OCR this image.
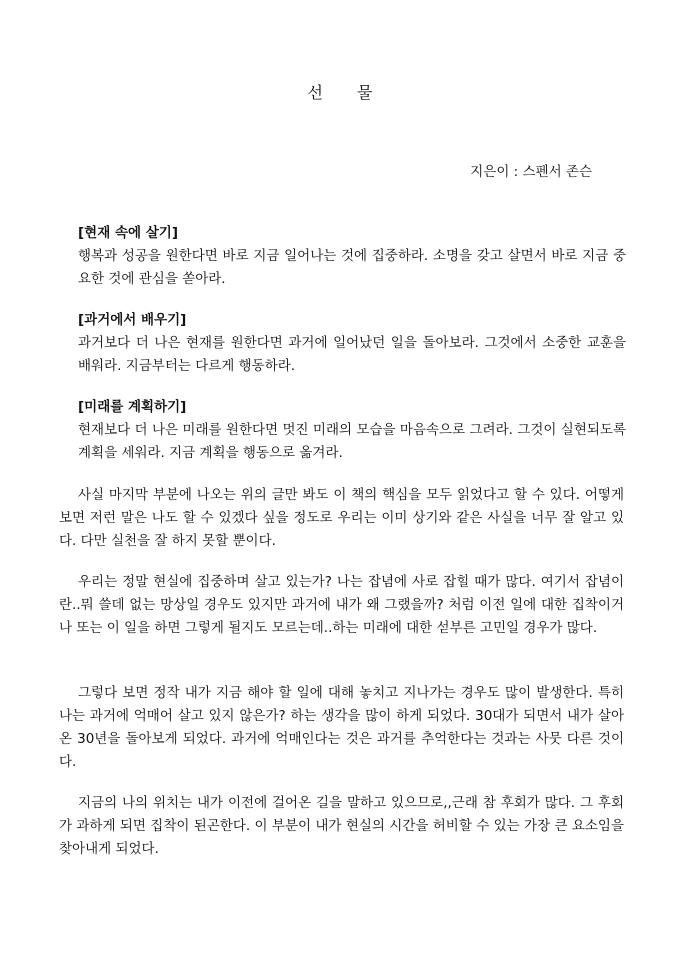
선 물
지은이 : 스펜서 존슨

[현재 속에 살기]

행복과 성공을 원한다면 바로 지금 일어나는 것에 집중하라. 소명을 갖고 살면서 바로 지금 중요한 것에 관심을 쏟아라.

[과거에서 배우기]

과거보다 더 나은 현재를 원한다면 과거에 일어났던 일을 돌아보라. 그것에서 소중한 교훈을 배워라. 지금부터는 다르게 행동하라.

[미래를 계획하기]

현재보다 더 나은 미래를 원한다면 멋진 미래의 모습을 마음속으로 그려라. 그것이 실현되도록 계획을 세워라. 지금 계획을 행동으로 옮겨라.

사실 마지막 부분에 나오는 위의 글만 봐도 이 책의 핵심을 모두 읽었다고 할 수 있다. 어떻게 보면 저런 말은 나도 할 수 있겠다 싶을 정도로 우리는 이미 상기와 같은 사실을 너무 잘 알고 있다. 다만 실천을 잘 하지 못할 뿐이다.

우리는 정말 현실에 집중하며 살고 있는가? 나는 잡념에 사로 잡힐 때가 많다. 여기서 잡념이란..뭐 쓸데 없는 망상일 경우도 있지만 과거에 내가 왜 그랬을까? 처럼 이전 일에 대한 집착이거나 또는 이 일을 하면 그렇게 될지도 모르는데..하는 미래에 대한 섣부른 고민일 경우가 많다.

그렇다 보면 정작 내가 지금 해야 할 일에 대해 놓치고 지나가는 경우도 많이 발생한다. 특히 나는 과거에 억매어 살고 있지 않은가? 하는 생각을 많이 하게 되었다. 30대가 되면서 내가 살아온 30년을 돌아보게 되었다. 과거에 억매인다는 것은 과거를 추억한다는 것과는 사뭇 다른 것이다.

지금의 나의 위치는 내가 이전에 걸어온 길을 말하고 있으므로,,근래 참 후회가 많다. 그 후회가 과하게 되면 집착이 된곤한다. 이 부분이 내가 현실의 시간을 허비할 수 있는 가장 큰 요소임을 찾아내게 되었다.
